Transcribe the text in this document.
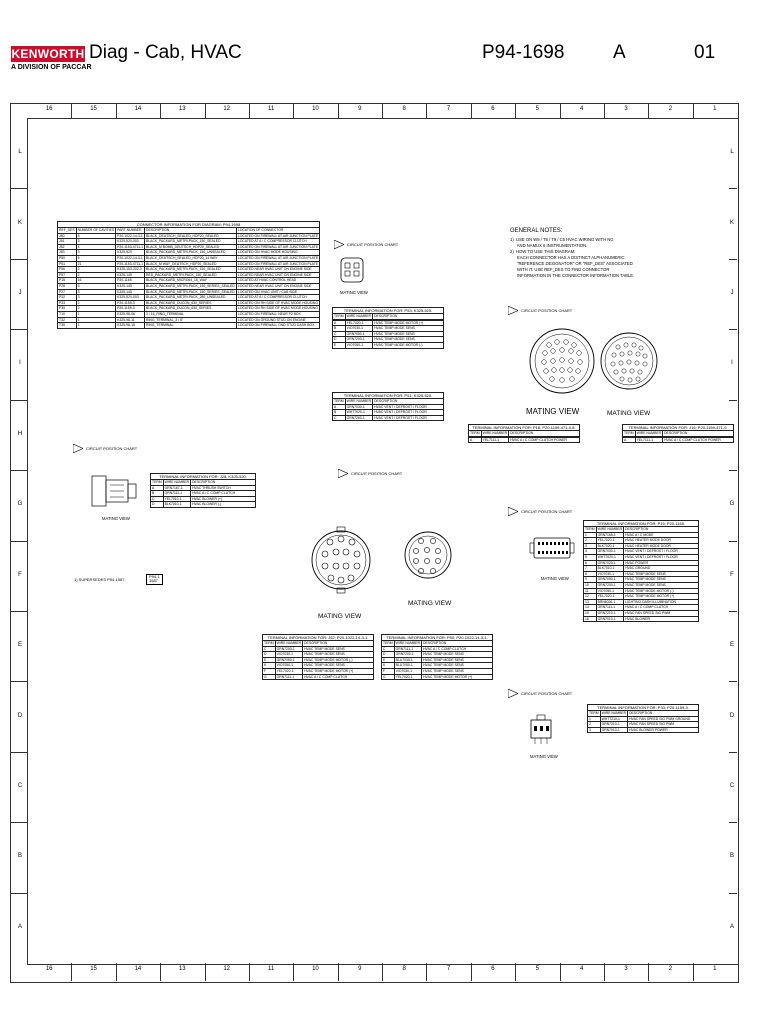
KENWORTH
A DIVISION OF PACCAR
Diag - Cab, HVAC	P94-1698	A	01
16
16
15
15
14
14
13
13
12
12
11
11
10
10
9
9
8
8
7
7
6
6
5
5
4
4
3
3
2
2
1
1
L	L
K	K
J	J
I	I
H
G	G
F	F
E	E
D	D
C	C
B	B
A	A
CONNECTOR INFORMATION FOR DIAGRAM: P94-1698				
REF_DES	NUMBER OF CAVITIES	PART NUMBER	DESCRIPTION	LOCATION OF CONNECTOR
J50	6	P20-1022-14-3-1	BLACK_DEUTSCH_SEALED_HDP20_SEALED	LOCATED ON FIREWALL AT AIR JUNCTION PLATE
J51	3	K325-520-003	BLACK_PACKARD_METRI-PACK_150_SEALED	LOCATED AT A / C COMPRESSOR CLUTCH
J52	4	P20-1153-4711-1	BLACK_M BOMB_DEUTSCH_HDP20_SEALED	LOCATED ON FIREWALL AT AIR JUNCTION PLATE
J53	3	K325-520	BLACK_PACKARD_METRI-PACK_150_UNSEALED	LOCATED ON HVAC MODE HOUSING
P50	6	P20-1022-14-3-1	BLACK_DEUTSCH_SEALED_HDP20_14 WAY	LOCATED ON FIREWALL AT AIR JUNCTION PLATE
P51	21	P20-1153-4711-1	BLACK_M WAY_DEUTSCH_HDP20_SEALED	LOCATED ON FIREWALL AT AIR JUNCTION PLATE
P56	2	K325-153-202-3	BLACK_PACKARD_METRI-PACK_150_SEALED	LOCATED NEAR HVAC UNIT ON ENGINE SIDE
P57	2	K325-145	RED_PACKARD_METRI-PACK_150_SEALED	LOCATED NEAR HVAC UNIT ON ENGINE SIDE
P15	16	P20-1165	BLACK_PACKARD_MICRO64_16_WAY	LOCATED AT HVAC CONTROL HEAD
P28	6	K325-145	BLACK_PACKARD_METRI-PACK_150_SERIES_SEALED	LOCATED NEAR HVAC UNIT ON ENGINE SIDE
P27	3	K325-145	BLACK_PACKARD_METRI-PACK_150_SERIES_SEALED	LOCATED ON HVAC UNIT / CAB SIDE
P32	3	K325-520-003	BLACK_PACKARD_METRI-PACK_280_UNSEALED	LOCATED AT A / C COMPRESSOR CLUTCH
P33	2	P20-1159-3	BLACK_PACKARD_DUCON_630_SERIES	LOCATED ON RH SIDE OF HVAC MODE HOUSING
P35	2	P20-1159-3	BLACK_PACKARD_DUCON_630_SERIES	LOCATED ON RH SIDE OF HVAC MODE HOUSING
T10	1	K325-98-06	3 / 16_RING_TERMINAL	LOCATED ON FIREWALL NEAR P2 BOX
T32	1	K325-98-11	RING_TERMINAL_3 / 8"	LOCATED ON GROUND STUD ON ENGINE
T35	1	K325-98-15	RING_TERMINAL	LOCATED ON FIREWALL GND STUD DASH BOX
GENERAL NOTES:
1)  USE ON W9 / T8 / T9 / C5 HVAC WIRING WITH NG
AND NAMUX II INSTRUMENTATION.
2)  HOW TO USE THIS DIAGRAM:
EACH CONNECTOR HAS A DISTINCT ALPHANUMERIC
"REFERENCE DESIGNATOR" OR "REF_DES" ASSOCIATED
WITH IT. USE REF_DES TO FIND CONNECTOR
INFORMATION IN THE CONNECTOR INFORMATION TABLE.
CIRCUIT POSITION CHART
CIRCUIT POSITION CHART
CIRCUIT POSITION CHART
CIRCUIT POSITION CHART
CIRCUIT POSITION CHART
CIRCUIT POSITION CHART
MATING VIEW
MATING VIEW	MATING VIEW
MATING VIEW
MATING VIEW
MATING VIEW
MATING VIEW
MATING VIEW
1) SUPERSEDES P94-1587.
P94-1
1587
TERMINAL INFORMATION FOR: P53; K325-520.		
TERM	WIRE NUMBER	DESCRIPTION

A	YEL7020-1	HVAC TEMP MODE MOTOR (+)
B	VIO7030-1	HVAC TEMP MODE SENS
C	GRN7050-1	HVAC TEMP MODE SENS
D	GRN7200-1	HVAC TEMP MODE SENS
E	VIO7050-1	HVAC TEMP MODE MOTOR (-)
TERMINAL INFORMATION FOR: P51; K325-520.		
TERM	WIRE NUMBER	DESCRIPTION
A	GRN7030-1	HVAC VENT / DEFROST / FLOOR
B	WHT7020-1	HVAC VENT / DEFROST / FLOOR
C	GRN7260-1	HVAC VENT / DEFROST / FLOOR
TERMINAL INFORMATION FOR: P16; P20-1159-471-0-8.		
TERM	WIRE NUMBER	DESCRIPTION

A	YEL7111-1	HVAC A / C COMP CLUTCH POWER
TERMINAL INFORMATION FOR: J16; P20-1159-471-0.		
TERM	WIRE NUMBER	DESCRIPTION

A	YEL7111-1	HVAC A / C COMP CLUTCH POWER
TERMINAL INFORMATION FOR: J28; K325-520.		
TERM	WIRE NUMBER	DESCRIPTION
A	GRN7167-1	HVAC THRUSH SWITCH
B	GRN7111-1	HVAC A / C COMP CLUTCH
C	YEL7010-1	HVAC BLOWER (+)
D	BLK7010-1	HVAC BLOWER (-)
TERMINAL INFORMATION FOR: P15; P20-1165.		
TERM	WIRE NUMBER	DESCRIPTION
1	GRN7165-1	HVAC A / C MODE
2	YEL7020-1	HVAC HEATER MODE DOOR
3	BLK7020-1	HVAC HEATER MODE DOOR
4	GRN7030-1	HVAC VENT / DEFROST / FLOOR
5	WHT7020-1	HVAC VENT / DEFROST / FLOOR
6	ORN7020-1	HVAC POWER
7	BLK7010-1	HVAC GROUND
8	VIO7030-1	HVAC TEMP MODE SENS
9	GRN7050-1	HVAC TEMP MODE SENS
10	GRN7200-1	HVAC TEMP MODE SENS
11	VIO7050-1	HVAC TEMP MODE MOTOR (-)
12	YEL7020-1	HVAC TEMP MODE MOTOR (+)
13	BRN6026-1	LIGHTING DASH ILLUMINATION
14	GRN7111-1	HVAC A / C COMP CLUTCH
15	GRN7210-1	HVAC FAN SPEED SIG PWM
16	GRN7010-1	HVAC BLOWER
TERMINAL INFORMATION FOR: J52; P20-1022-14-3-1.		
TERM	WIRE NUMBER	DESCRIPTION
C	GRN7200-1	HVAC TEMP MODE SENS
D	VIO7030-1	HVAC TEMP MODE SENS
E	GRN7050-1	HVAC TEMP MODE MOTOR (-)
K	VIO7050-1	HVAC TEMP MODE SENS
F	YEL7020-1	HVAC TEMP MODE MOTOR (+)
G	GRN7111-1	HVAC A / C COMP CLUTCH
TERMINAL INFORMATION FOR: P50; P20-1022-14-3-1.		
TERM	WIRE NUMBER	DESCRIPTION
C	GRN7111-1	HVAC A / C COMP CLUTCH
D	GRN7200-1	HVAC TEMP MODE SENS
E	BLU7030-1	HVAC TEMP MODE SENS
K	BLU7050-1	HVAC TEMP MODE SENS
F	VIO7030-1	HVAC TEMP MODE SENS
G	YEL7020-1	HVAC TEMP MODE MOTOR (+)
TERMINAL INFORMATION FOR: P33; P20-1159-3.		
TERM	WIRE NUMBER	DESCRIPTION
1	WHT7210-1	HVAC FAN SPEED SIG PWM GROUND
2	GRN7210-1	HVAC FAN SPEED SIG PWM
3	GRN7010-1	HVAC BLOWER POWER
